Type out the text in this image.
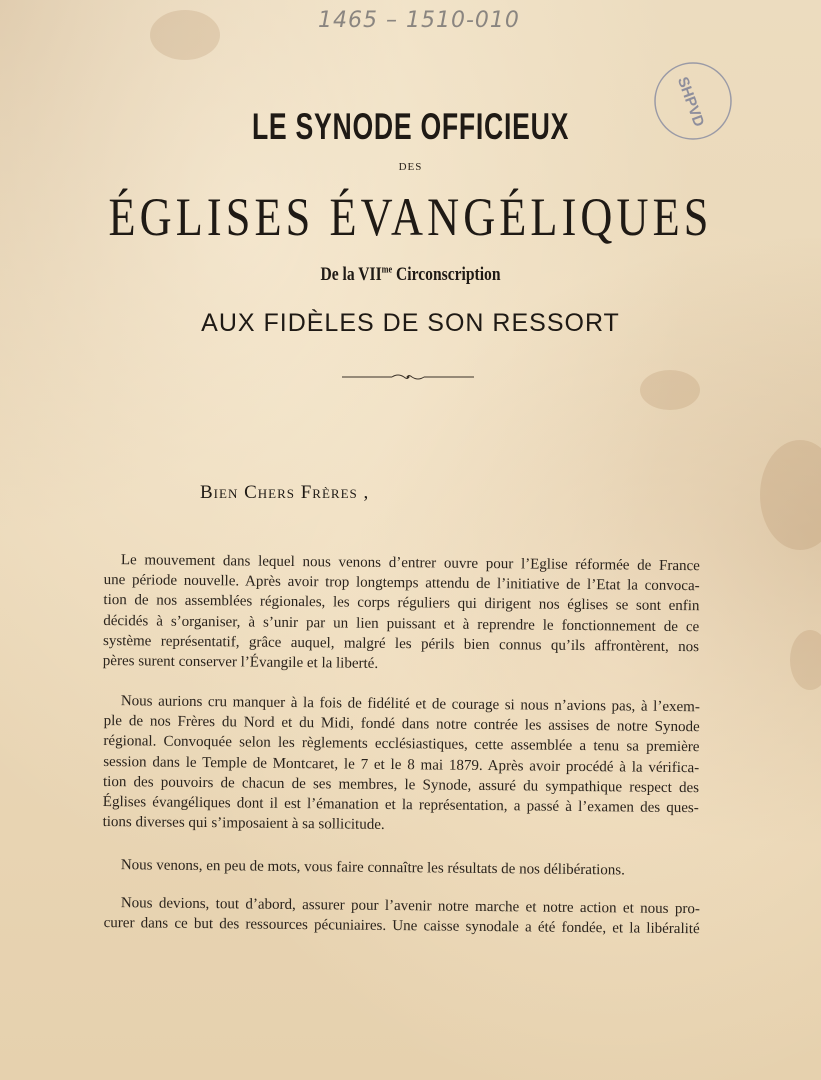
1465 – 1510-010
SHPVD
LE SYNODE OFFICIEUX
DES
ÉGLISES ÉVANGÉLIQUES
De la $VII^{me}$ Circonscription
AUX FIDÈLES DE SON RESSORT
Bien Chers Frères ,
Le mouvement dans lequel nous venons d’entrer ouvre pour l’Eglise réformée de France
une période nouvelle. Après avoir trop longtemps attendu de l’initiative de l’Etat la convoca-
tion de nos assemblées régionales, les corps réguliers qui dirigent nos églises se sont enfin
décidés à s’organiser, à s’unir par un lien puissant et à reprendre le fonctionnement de ce
système représentatif, grâce auquel, malgré les périls bien connus qu’ils affrontèrent, nos
pères surent conserver l’Évangile et la liberté.
Nous aurions cru manquer à la fois de fidélité et de courage si nous n’avions pas, à l’exem-
ple de nos Frères du Nord et du Midi, fondé dans notre contrée les assises de notre Synode
régional. Convoquée selon les règlements ecclésiastiques, cette assemblée a tenu sa première
session dans le Temple de Montcaret, le 7 et le 8 mai 1879. Après avoir procédé à la vérifica-
tion des pouvoirs de chacun de ses membres, le Synode, assuré du sympathique respect des
Églises évangéliques dont il est l’émanation et la représentation, a passé à l’examen des ques-
tions diverses qui s’imposaient à sa sollicitude.
Nous venons, en peu de mots, vous faire connaître les résultats de nos délibérations.
Nous devions, tout d’abord, assurer pour l’avenir notre marche et notre action et nous pro-
curer dans ce but des ressources pécuniaires. Une caisse synodale a été fondée, et la libéralité
